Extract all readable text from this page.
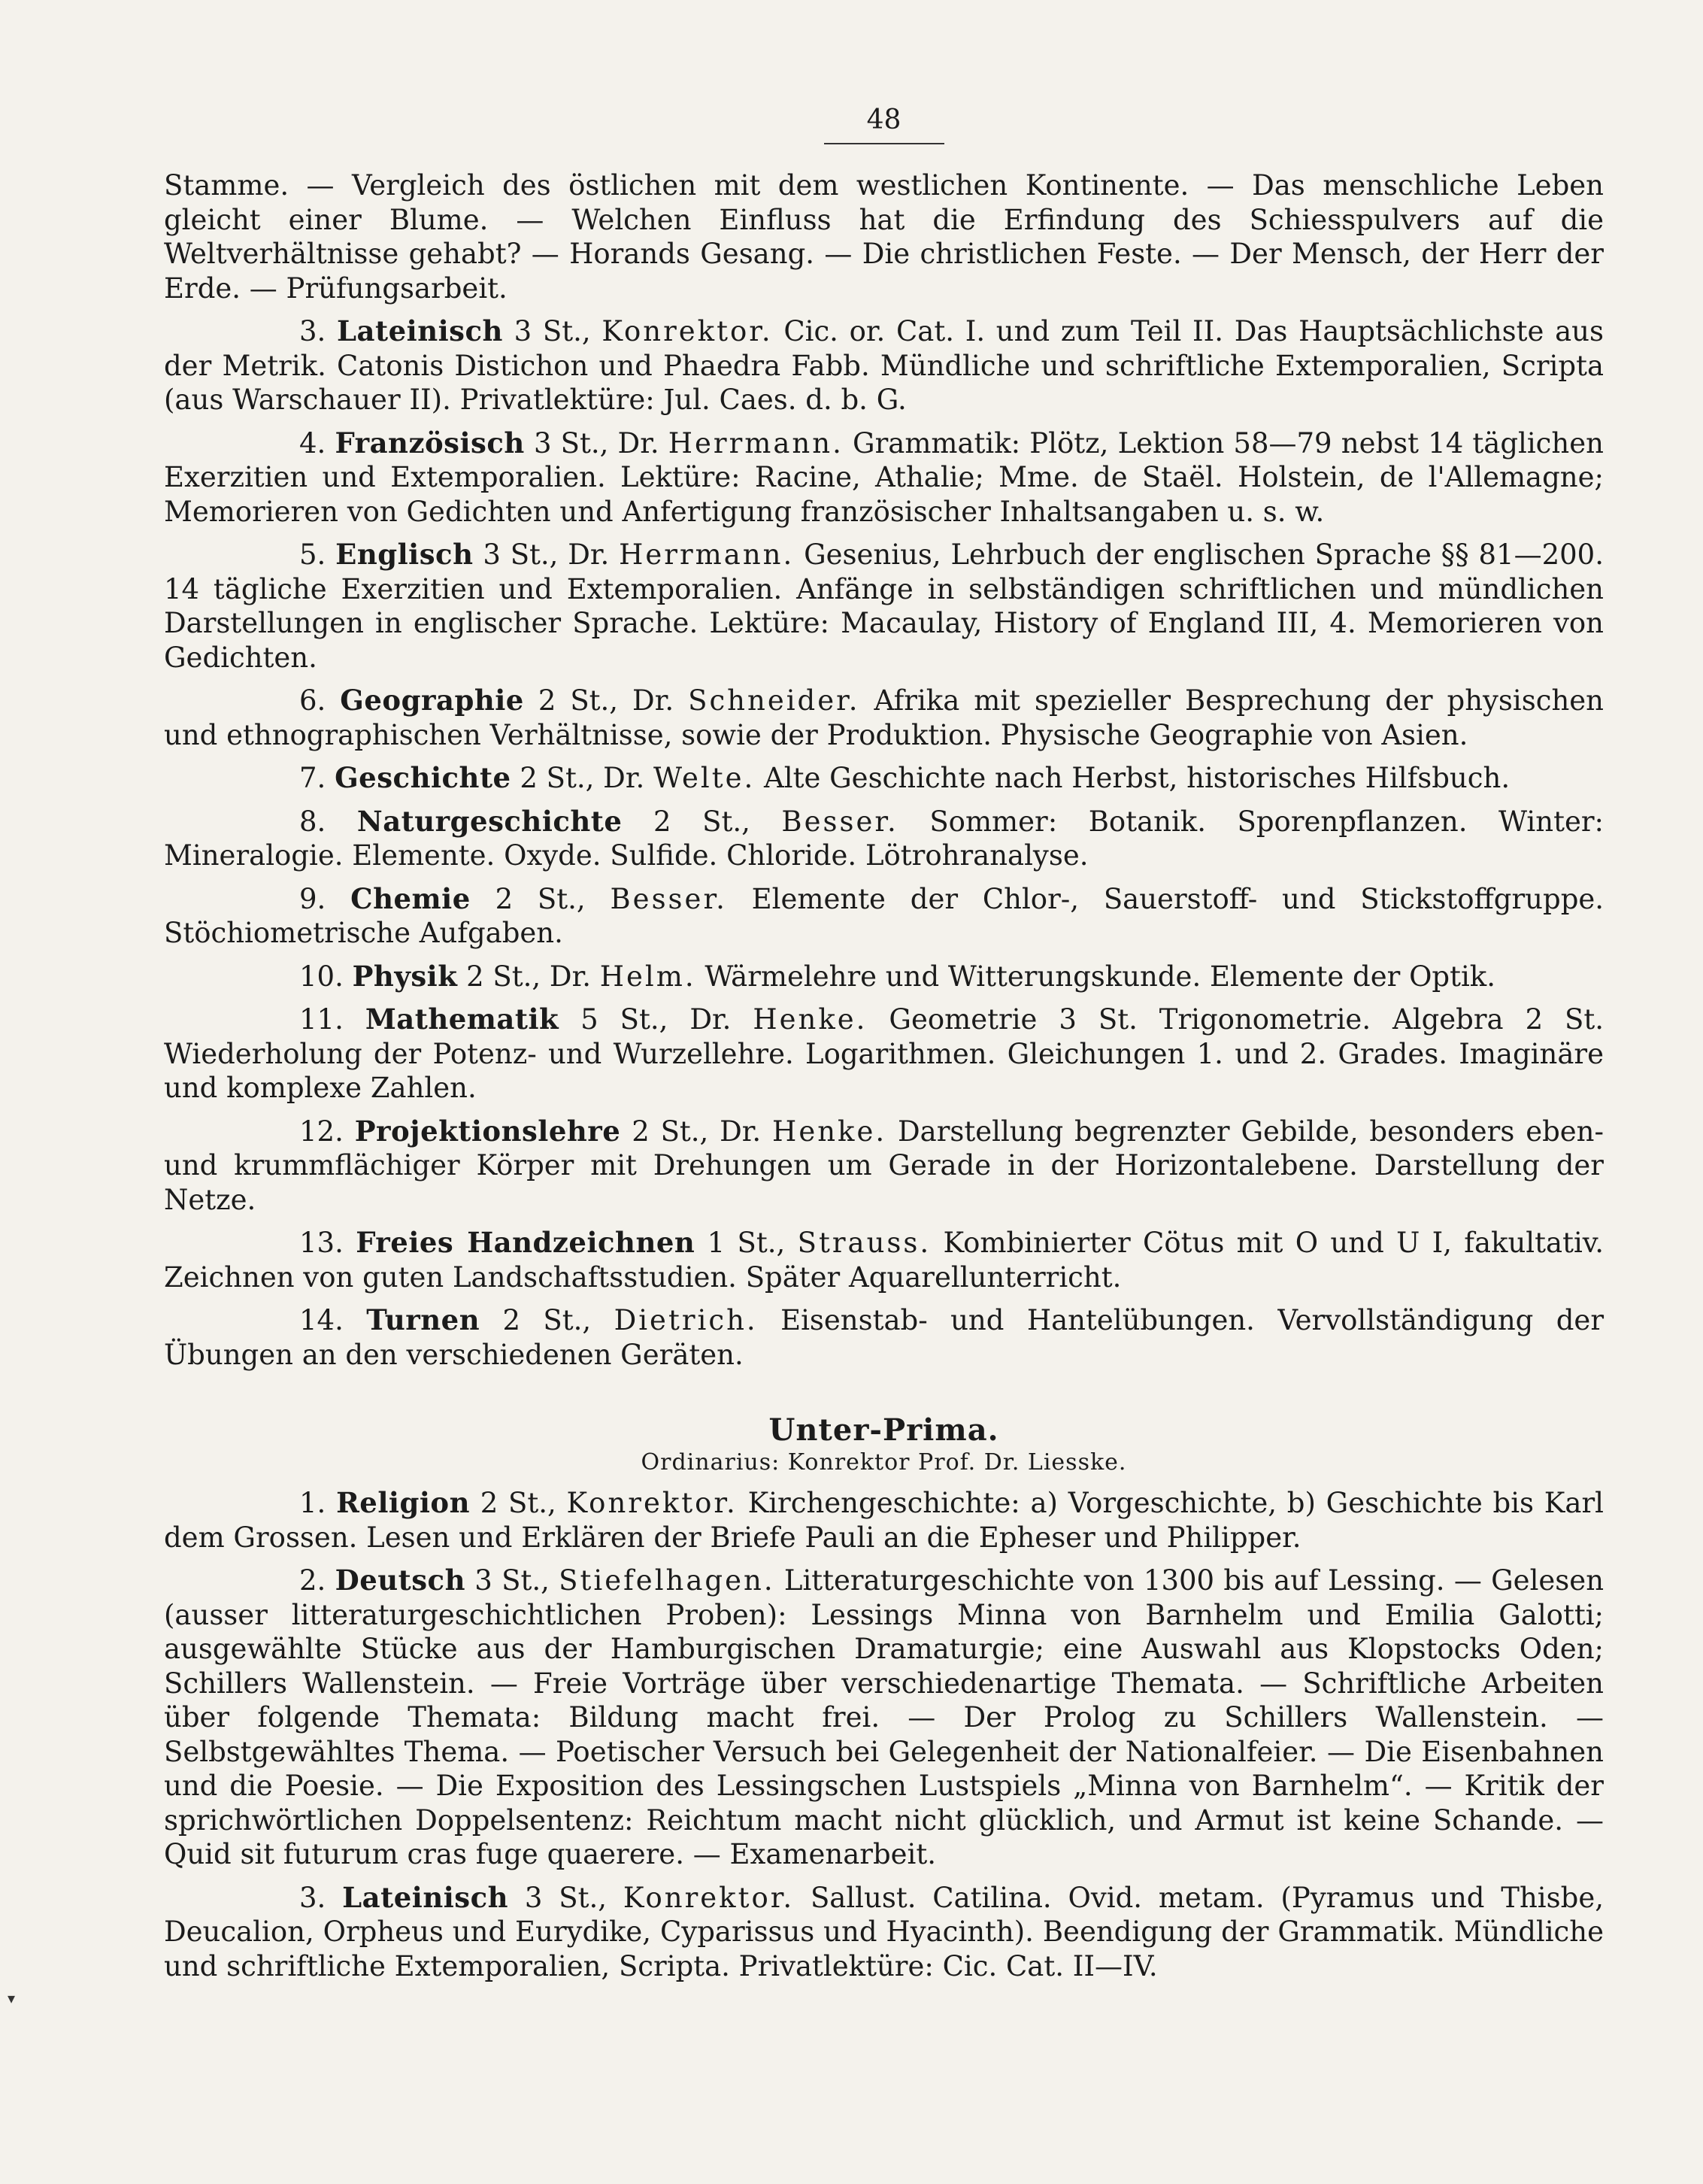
48

Stamme. — Vergleich des östlichen mit dem westlichen Kontinente. — Das menschliche Leben gleicht einer Blume. — Welchen Einfluss hat die Erfindung des Schiesspulvers auf die Weltverhältnisse gehabt? — Horands Gesang. — Die christlichen Feste. — Der Mensch, der Herr der Erde. — Prüfungsarbeit.

3. Lateinisch 3 St., Konrektor. Cic. or. Cat. I. und zum Teil II. Das Hauptsächlichste aus der Metrik. Catonis Distichon und Phaedra Fabb. Mündliche und schriftliche Extemporalien, Scripta (aus Warschauer II). Privatlektüre: Jul. Caes. d. b. G.

4. Französisch 3 St., Dr. Herrmann. Grammatik: Plötz, Lektion 58—79 nebst 14 täglichen Exerzitien und Extemporalien. Lektüre: Racine, Athalie; Mme. de Staël. Holstein, de l'Allemagne; Memorieren von Gedichten und Anfertigung französischer Inhaltsangaben u. s. w.

5. Englisch 3 St., Dr. Herrmann. Gesenius, Lehrbuch der englischen Sprache §§ 81—200. 14 tägliche Exerzitien und Extemporalien. Anfänge in selbständigen schriftlichen und mündlichen Darstellungen in englischer Sprache. Lektüre: Macaulay, History of England III, 4. Memorieren von Gedichten.

6. Geographie 2 St., Dr. Schneider. Afrika mit spezieller Besprechung der physischen und ethnographischen Verhältnisse, sowie der Produktion. Physische Geographie von Asien.

7. Geschichte 2 St., Dr. Welte. Alte Geschichte nach Herbst, historisches Hilfsbuch.

8. Naturgeschichte 2 St., Besser. Sommer: Botanik. Sporenpflanzen. Winter: Mineralogie. Elemente. Oxyde. Sulfide. Chloride. Lötrohranalyse.

9. Chemie 2 St., Besser. Elemente der Chlor-, Sauerstoff- und Stickstoffgruppe. Stöchiometrische Aufgaben.

10. Physik 2 St., Dr. Helm. Wärmelehre und Witterungskunde. Elemente der Optik.

11. Mathematik 5 St., Dr. Henke. Geometrie 3 St. Trigonometrie. Algebra 2 St. Wiederholung der Potenz- und Wurzellehre. Logarithmen. Gleichungen 1. und 2. Grades. Imaginäre und komplexe Zahlen.

12. Projektionslehre 2 St., Dr. Henke. Darstellung begrenzter Gebilde, besonders eben- und krummflächiger Körper mit Drehungen um Gerade in der Horizontalebene. Darstellung der Netze.

13. Freies Handzeichnen 1 St., Strauss. Kombinierter Cötus mit O und U I, fakultativ. Zeichnen von guten Landschaftsstudien. Später Aquarellunterricht.

14. Turnen 2 St., Dietrich. Eisenstab- und Hantelübungen. Vervollständigung der Übungen an den verschiedenen Geräten.

Unter-Prima.
Ordinarius: Konrektor Prof. Dr. Liesske.

1. Religion 2 St., Konrektor. Kirchengeschichte: a) Vorgeschichte, b) Geschichte bis Karl dem Grossen. Lesen und Erklären der Briefe Pauli an die Epheser und Philipper.

2. Deutsch 3 St., Stiefelhagen. Litteraturgeschichte von 1300 bis auf Lessing. — Gelesen (ausser litteraturgeschichtlichen Proben): Lessings Minna von Barnhelm und Emilia Galotti; ausgewählte Stücke aus der Hamburgischen Dramaturgie; eine Auswahl aus Klopstocks Oden; Schillers Wallenstein. — Freie Vorträge über verschiedenartige Themata. — Schriftliche Arbeiten über folgende Themata: Bildung macht frei. — Der Prolog zu Schillers Wallenstein. — Selbstgewähltes Thema. — Poetischer Versuch bei Gelegenheit der Nationalfeier. — Die Eisenbahnen und die Poesie. — Die Exposition des Lessingschen Lustspiels „Minna von Barnhelm“. — Kritik der sprichwörtlichen Doppelsentenz: Reichtum macht nicht glücklich, und Armut ist keine Schande. — Quid sit futurum cras fuge quaerere. — Examenarbeit.

3. Lateinisch 3 St., Konrektor. Sallust. Catilina. Ovid. metam. (Pyramus und Thisbe, Deucalion, Orpheus und Eurydike, Cyparissus und Hyacinth). Beendigung der Grammatik. Mündliche und schriftliche Extemporalien, Scripta. Privatlektüre: Cic. Cat. II—IV.

▾
